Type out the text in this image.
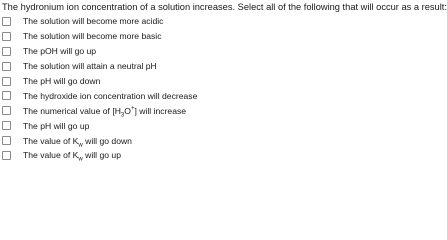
The hydronium ion concentration of a solution increases. Select all of the following that will occur as a result:
The solution will become more acidic
The solution will become more basic
The pOH will go up
The solution will attain a neutral pH
The pH will go down
The hydroxide ion concentration will decrease
The numerical value of $[H_3O^+]$ will increase
The pH will go up
The value of $K_w$ will go down
The value of $K_w$ will go up
